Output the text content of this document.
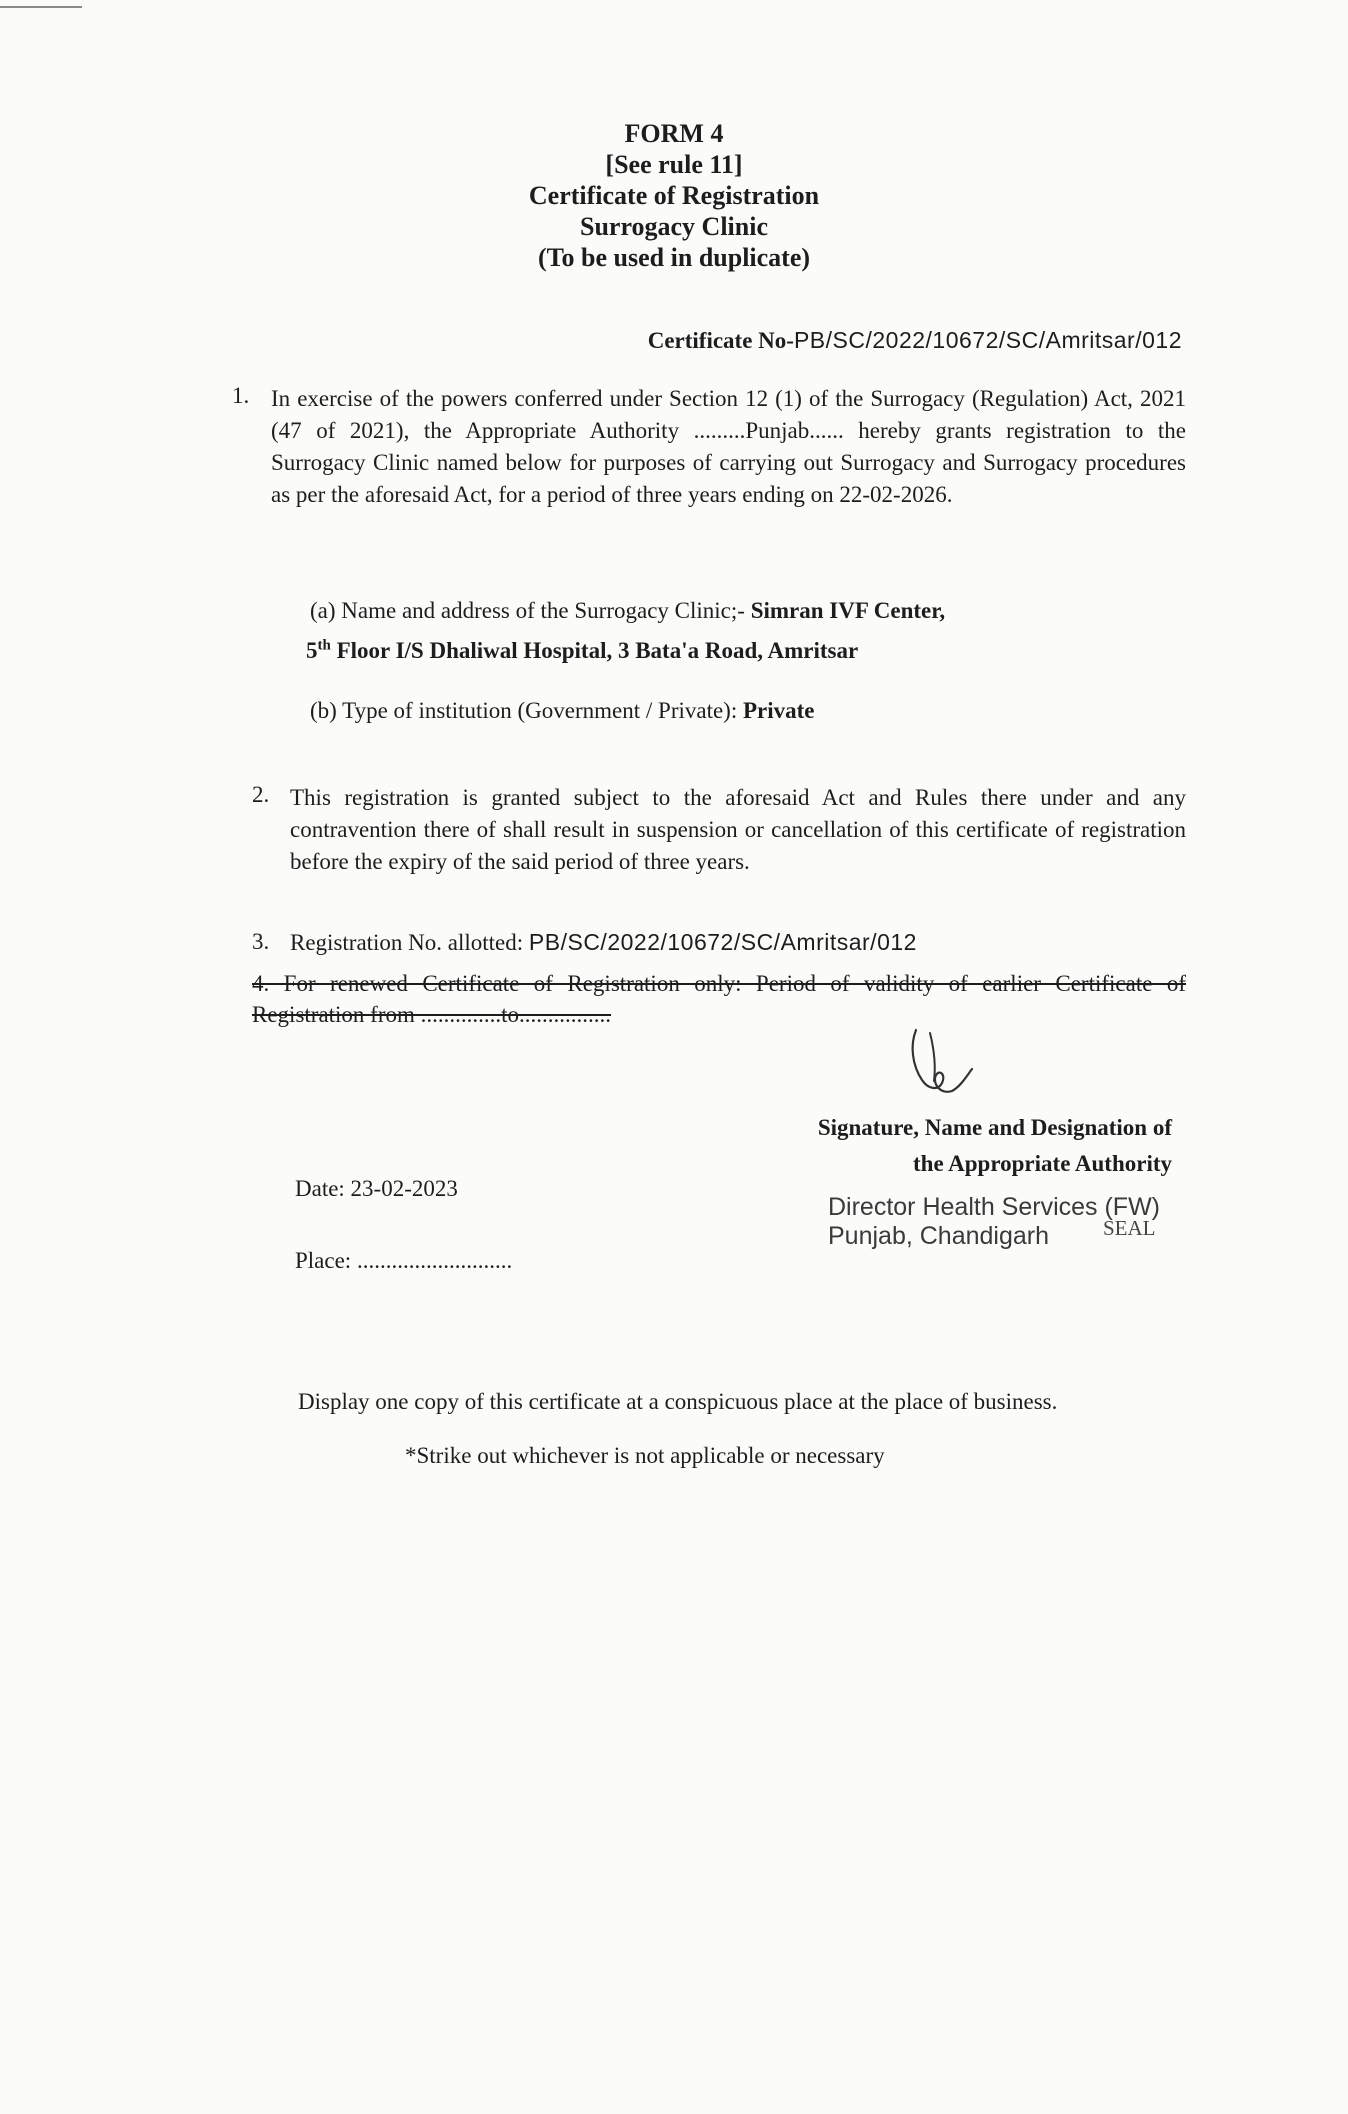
FORM 4
[See rule 11]
Certificate of Registration
Surrogacy Clinic
(To be used in duplicate)
Certificate No-PB/SC/2022/10672/SC/Amritsar/012
1. In exercise of the powers conferred under Section 12 (1) of the Surrogacy (Regulation) Act, 2021 (47 of 2021), the Appropriate Authority .........Punjab...... hereby grants registration to the Surrogacy Clinic named below for purposes of carrying out Surrogacy and Surrogacy procedures as per the aforesaid Act, for a period of three years ending on 22-02-2026.
(a) Name and address of the Surrogacy Clinic;- Simran IVF Center,
5th Floor I/S Dhaliwal Hospital, 3 Bata'a Road, Amritsar
(b) Type of institution (Government / Private): Private
2. This registration is granted subject to the aforesaid Act and Rules there under and any contravention there of shall result in suspension or cancellation of this certificate of registration before the expiry of the said period of three years.
3. Registration No. allotted: PB/SC/2022/10672/SC/Amritsar/012
4. For renewed Certificate of Registration only: Period of validity of earlier Certificate of Registration from ..............to................
Signature, Name and Designation of
the Appropriate Authority
Date: 23-02-2023
Place: ...........................
Director Health Services (FW)
Punjab, Chandigarh	SEAL
Display one copy of this certificate at a conspicuous place at the place of business.
*Strike out whichever is not applicable or necessary
